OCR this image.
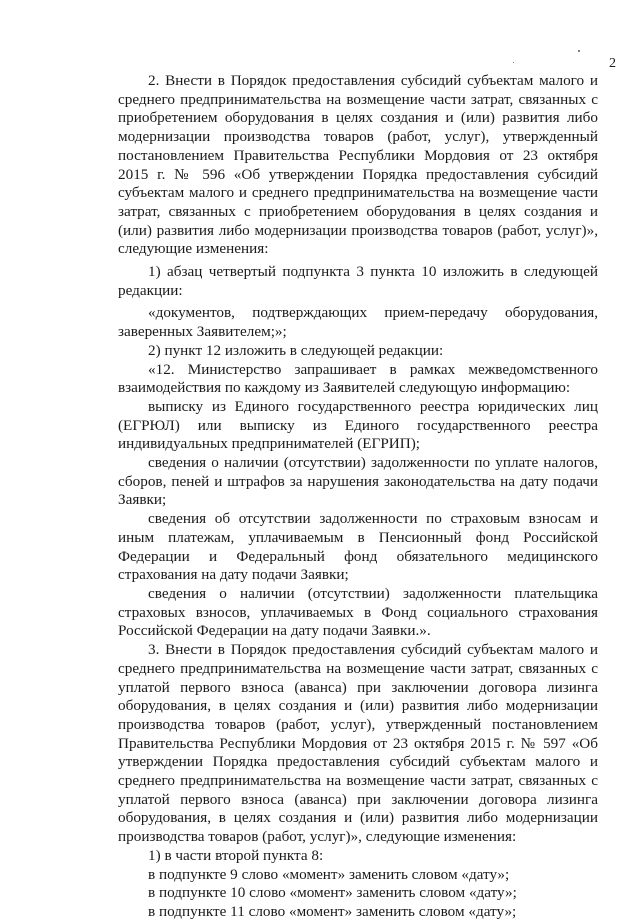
2

2. Внести в Порядок предоставления субсидий субъектам малого и среднего предпринимательства на возмещение части затрат, связанных с приобретением оборудования в целях создания и (или) развития либо модернизации производства товаров (работ, услуг), утвержденный постановлением Правительства Республики Мордовия от 23 октября 2015 г. № 596 «Об утверждении Порядка предоставления субсидий субъектам малого и среднего предпринимательства на возмещение части затрат, связанных с приобретением оборудования в целях создания и (или) развития либо модернизации производства товаров (работ, услуг)», следующие изменения:

1) абзац четвертый подпункта 3 пункта 10 изложить в следующей редакции:

«документов, подтверждающих прием-передачу оборудования, заверенных Заявителем;»;

2) пункт 12 изложить в следующей редакции:

«12. Министерство запрашивает в рамках межведомственного взаимодействия по каждому из Заявителей следующую информацию:

выписку из Единого государственного реестра юридических лиц (ЕГРЮЛ) или выписку из Единого государственного реестра индивидуальных предпринимателей (ЕГРИП);

сведения о наличии (отсутствии) задолженности по уплате налогов, сборов, пеней и штрафов за нарушения законодательства на дату подачи Заявки;

сведения об отсутствии задолженности по страховым взносам и иным платежам, уплачиваемым в Пенсионный фонд Российской Федерации и Федеральный фонд обязательного медицинского страхования на дату подачи Заявки;

сведения о наличии (отсутствии) задолженности плательщика страховых взносов, уплачиваемых в Фонд социального страхования Российской Федерации на дату подачи Заявки.».

3. Внести в Порядок предоставления субсидий субъектам малого и среднего предпринимательства на возмещение части затрат, связанных с уплатой первого взноса (аванса) при заключении договора лизинга оборудования, в целях создания и (или) развития либо модернизации производства товаров (работ, услуг), утвержденный постановлением Правительства Республики Мордовия от 23 октября 2015 г. № 597 «Об утверждении Порядка предоставления субсидий субъектам малого и среднего предпринимательства на возмещение части затрат, связанных с уплатой первого взноса (аванса) при заключении договора лизинга оборудования, в целях создания и (или) развития либо модернизации производства товаров (работ, услуг)», следующие изменения:

1) в части второй пункта 8:

в подпункте 9 слово «момент» заменить словом «дату»;

в подпункте 10 слово «момент» заменить словом «дату»;

в подпункте 11 слово «момент» заменить словом «дату»;
